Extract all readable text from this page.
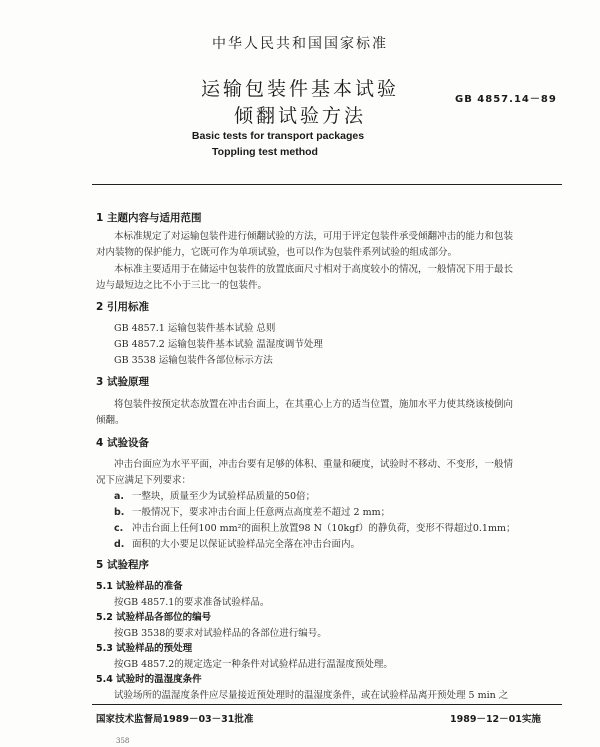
中华人民共和国国家标准
运输包装件基本试验
倾翻试验方法
GB 4857.14－89
Basic tests for transport packages
Toppling test method
1 主题内容与适用范围
本标准规定了对运输包装件进行倾翻试验的方法，可用于评定包装件承受倾翻冲击的能力和包装
对内装物的保护能力，它既可作为单项试验，也可以作为包装件系列试验的组成部分。
本标准主要适用于在储运中包装件的放置底面尺寸相对于高度较小的情况，一般情况下用于最长
边与最短边之比不小于三比一的包装件。
2 引用标准
GB 4857.1 运输包装件基本试验 总则
GB 4857.2 运输包装件基本试验 温湿度调节处理
GB 3538 运输包装件各部位标示方法
3 试验原理
将包装件按预定状态放置在冲击台面上，在其重心上方的适当位置，施加水平力使其绕该棱倒向
倾翻。
4 试验设备
冲击台面应为水平平面，冲击台要有足够的体积、重量和硬度，试验时不移动、不变形，一般情
况下应满足下列要求：
a. 一整块，质量至少为试验样品质量的50倍；
b. 一般情况下，要求冲击台面上任意两点高度差不超过 2 mm；
c. 冲击台面上任何100 mm²的面积上放置98 N（10kgf）的静负荷，变形不得超过0.1mm；
d. 面积的大小要足以保证试验样品完全落在冲击台面内。
5 试验程序
5.1 试验样品的准备
按GB 4857.1的要求准备试验样品。
5.2 试验样品各部位的编号
按GB 3538的要求对试验样品的各部位进行编号。
5.3 试验样品的预处理
按GB 4857.2的规定选定一种条件对试验样品进行温湿度预处理。
5.4 试验时的温湿度条件
试验场所的温湿度条件应尽量接近预处理时的温湿度条件，或在试验样品离开预处理 5 min 之
国家技术监督局1989－03－31批准	1989－12－01实施
358
